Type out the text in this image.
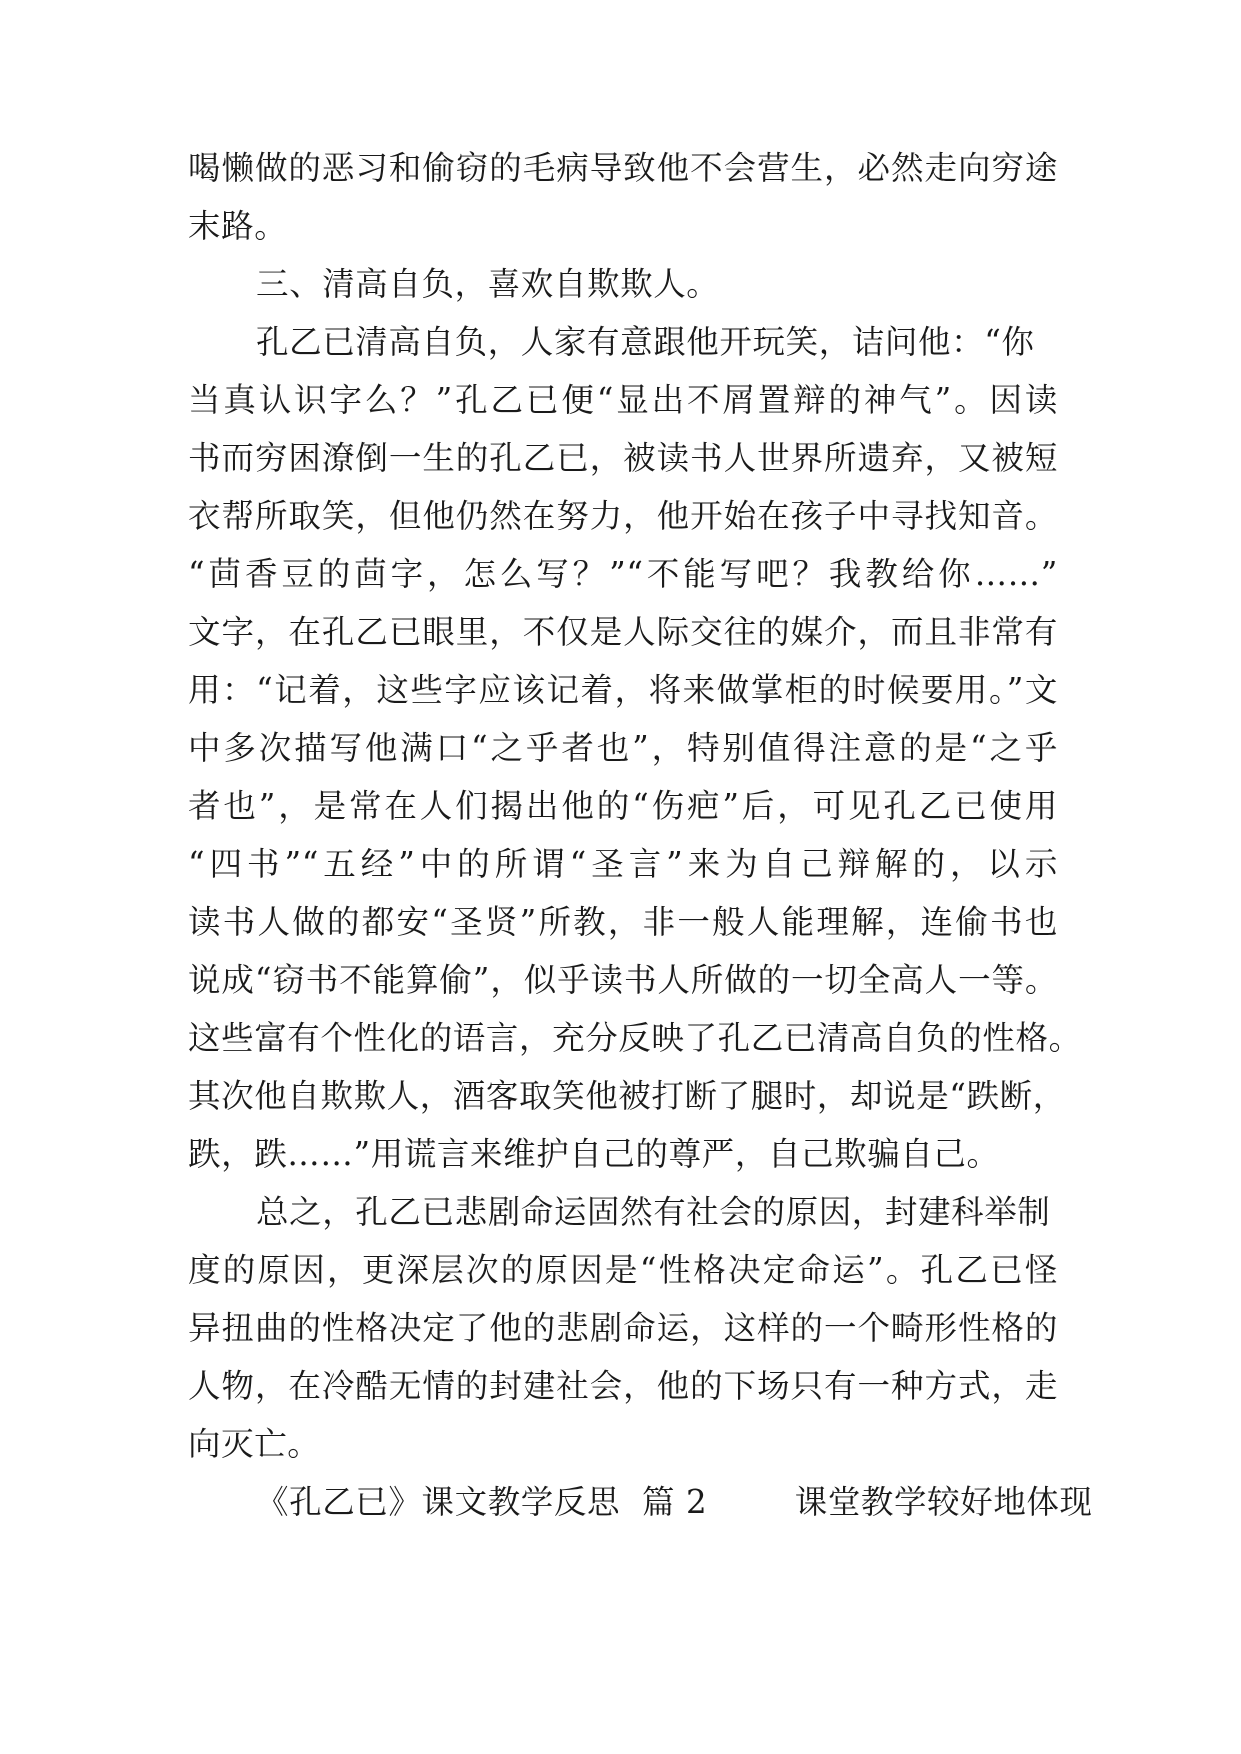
喝懒做的恶习和偷窃的毛病导致他不会营生，必然走向穷途

末路。

三、清高自负，喜欢自欺欺人。

孔乙已清高自负，人家有意跟他开玩笑，诘问他：“你

当真认识字么？”孔乙已便“显出不屑置辩的神气”。因读

书而穷困潦倒一生的孔乙已，被读书人世界所遗弃，又被短

衣帮所取笑，但他仍然在努力，他开始在孩子中寻找知音。

“茴香豆的茴字，怎么写？”“不能写吧？我教给你……”

文字，在孔乙已眼里，不仅是人际交往的媒介，而且非常有

用：“记着，这些字应该记着，将来做掌柜的时候要用。”文

中多次描写他满口“之乎者也”，特别值得注意的是“之乎

者也”，是常在人们揭出他的“伤疤”后，可见孔乙已使用

“四书”“五经”中的所谓“圣言”来为自己辩解的，以示

读书人做的都安“圣贤”所教，非一般人能理解，连偷书也

说成“窃书不能算偷”，似乎读书人所做的一切全高人一等。

这些富有个性化的语言，充分反映了孔乙已清高自负的性格。

其次他自欺欺人，酒客取笑他被打断了腿时，却说是“跌断，

跌，跌……”用谎言来维护自己的尊严，自己欺骗自己。

总之，孔乙已悲剧命运固然有社会的原因，封建科举制

度的原因，更深层次的原因是“性格决定命运”。孔乙已怪

异扭曲的性格决定了他的悲剧命运，这样的一个畸形性格的

人物，在冷酷无情的封建社会，他的下场只有一种方式，走

向灭亡。

《孔乙已》课文教学反思  篇 2        课堂教学较好地体现
